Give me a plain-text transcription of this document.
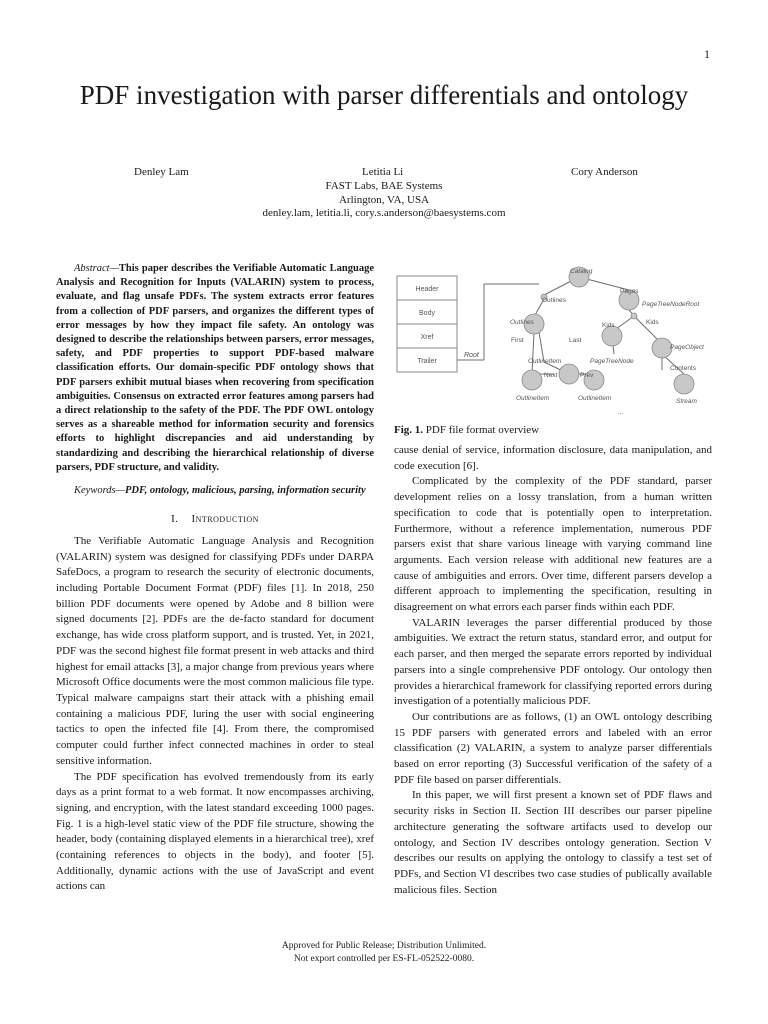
1
PDF investigation with parser differentials and ontology
Denley Lam	Letitia Li	Cory Anderson
FAST Labs, BAE Systems
Arlington, VA, USA
denley.lam, letitia.li, cory.s.anderson@baesystems.com
Abstract—This paper describes the Verifiable Automatic Language Analysis and Recognition for Inputs (VALARIN) system to process, evaluate, and flag unsafe PDFs. The system extracts error features from a collection of PDF parsers, and organizes the different types of error messages by how they impact file safety. An ontology was designed to describe the relationships between parsers, error messages, safety, and PDF properties to support PDF-based malware classification efforts. Our domain-specific PDF ontology shows that PDF parsers exhibit mutual biases when recovering from specification ambiguities. Consensus on extracted error features among parsers had a direct relationship to the safety of the PDF. The PDF OWL ontology serves as a shareable method for information security and forensics efforts to highlight discrepancies and aid understanding by standardizing and describing the hierarchical relationship of diverse parsers, PDF structure, and validity.
Keywords—PDF, ontology, malicious, parsing, information security
I. Introduction

The Verifiable Automatic Language Analysis and Recognition (VALARIN) system was designed for classifying PDFs under DARPA SafeDocs, a program to research the security of electronic documents, including Portable Document Format (PDF) files [1]. In 2018, 250 billion PDF documents were opened by Adobe and 8 billion were signed documents [2]. PDFs are the de-facto standard for document exchange, has wide cross platform support, and is trusted. Yet, in 2021, PDF was the second highest file format present in web attacks and third highest for email attacks [3], a major change from previous years where Microsoft Office documents were the most common malicious file type. Typical malware campaigns start their attack with a phishing email containing a malicious PDF, luring the user with social engineering tactics to open the infected file [4]. From there, the compromised computer could further infect connected machines in order to steal sensitive information.

The PDF specification has evolved tremendously from its early days as a print format to a web format. It now encompasses archiving, signing, and encryption, with the latest standard exceeding 1000 pages. Fig. 1 is a high-level static view of the PDF file structure, showing the header, body (containing displayed elements in a hierarchical tree), xref (containing references to objects in the body), and footer [5]. Additionally, dynamic actions with the use of JavaScript and event actions can

Header
Body
Xref
Trailer
Root
Catalog
Pages
Outlines
PageTreeNodeRoot
Outlines	Kids	Kids
First	Last
PageObject
OutlineItem	PageTreeNode
Contents
Next	Prev
OutlineItem	OutlineItem	Stream
...
Fig. 1. PDF file format overview

cause denial of service, information disclosure, data manipulation, and code execution [6].

Complicated by the complexity of the PDF standard, parser development relies on a lossy translation, from a human written specification to code that is potentially open to interpretation. Furthermore, without a reference implementation, numerous PDF parsers exist that share various lineage with varying command line arguments. Each version release with additional new features are a cause of ambiguities and errors. Over time, different parsers develop a different approach to implementing the specification, resulting in disagreement on what errors each parser finds within each PDF.

VALARIN leverages the parser differential produced by those ambiguities. We extract the return status, standard error, and output for each parser, and then merged the separate errors reported by individual parsers into a single comprehensive PDF ontology. Our ontology then provides a hierarchical framework for classifying reported errors during investigation of a potentially malicious PDF.

Our contributions are as follows, (1) an OWL ontology describing 15 PDF parsers with generated errors and labeled with an error classification (2) VALARIN, a system to analyze parser differentials based on error reporting (3) Successful verification of the safety of a PDF file based on parser differentials.

In this paper, we will first present a known set of PDF flaws and security risks in Section II. Section III describes our parser pipeline architecture generating the software artifacts used to develop our ontology, and Section IV describes ontology generation. Section V describes our results on applying the ontology to classify a test set of PDFs, and Section VI describes two case studies of publically available malicious files. Section

Approved for Public Release; Distribution Unlimited.
Not export controlled per ES-FL-052522-0080.
